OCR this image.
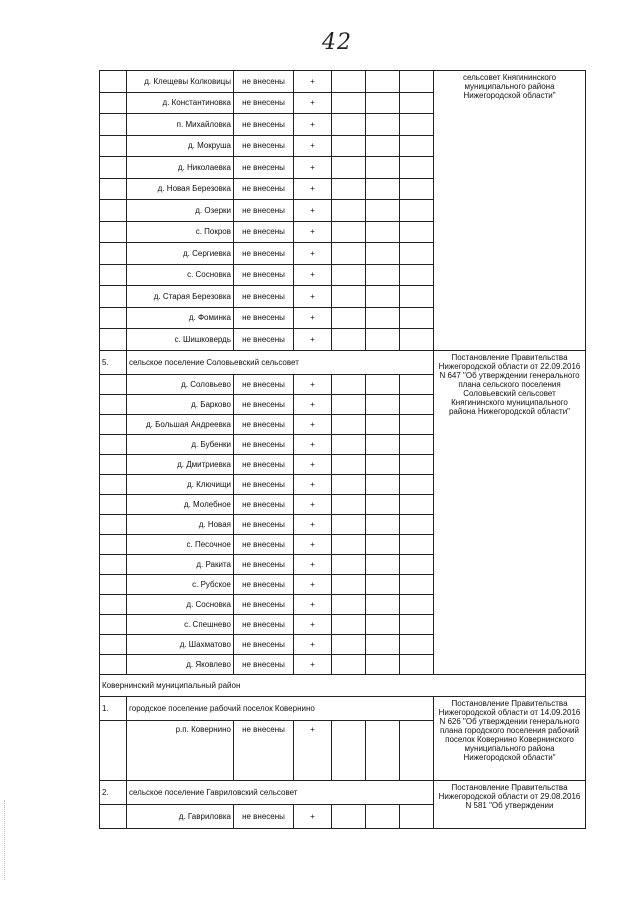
42
	д. Клещевы Колковицы	не внесены	+				сельсовет Княгининского муниципального района Нижегородской области"
	д. Константиновка	не внесены	+				
	п. Михайловка	не внесены	+				
	д. Мокруша	не внесены	+				
	д. Николаевка	не внесены	+				
	д. Новая Березовка	не внесены	+				
	д. Озерки	не внесены	+				
	с. Покров	не внесены	+				
	д. Сергиевка	не внесены	+				
	с. Сосновка	не внесены	+				
	д. Старая Березовка	не внесены	+				
	д. Фоминка	не внесены	+				
	с. Шишковердь	не внесены	+				
5.	сельское поселение Соловьевский сельсовет						Постановление Правительства Нижегородской области от 22.09.2016 N 647 "Об утверждении генерального плана сельского поселения Соловьевский сельсовет Княгининского муниципального района Нижегородской области"
	д. Соловьево	не внесены	+				
	д. Барково	не внесены	+				
	д. Большая Андреевка	не внесены	+				
	д. Бубенки	не внесены	+				
	д. Дмитриевка	не внесены	+				
	д. Ключищи	не внесены	+				
	д. Молебное	не внесены	+				
	д. Новая	не внесены	+				
	с. Песочное	не внесены	+				
	д. Ракита	не внесены	+				
	с. Рубское	не внесены	+				
	д. Сосновка	не внесены	+				
	с. Спешнево	не внесены	+				
	д. Шахматово	не внесены	+				
	д. Яковлево	не внесены	+				
Ковернинский муниципальный район							
1.	городское поселение рабочий поселок Ковернино						Постановление Правительства Нижегородской области от 14.09.2016 N 626 "Об утверждении генерального плана городского поселения рабочий поселок Ковернино Ковернинского муниципального района Нижегородской области"
	р.п. Ковернино	не внесены	+				
2.	сельское поселение Гавриловский сельсовет						Постановление Правительства Нижегородской области от 29.08.2016 N 581 "Об утверждении
	д. Гавриловка	не внесены	+				
